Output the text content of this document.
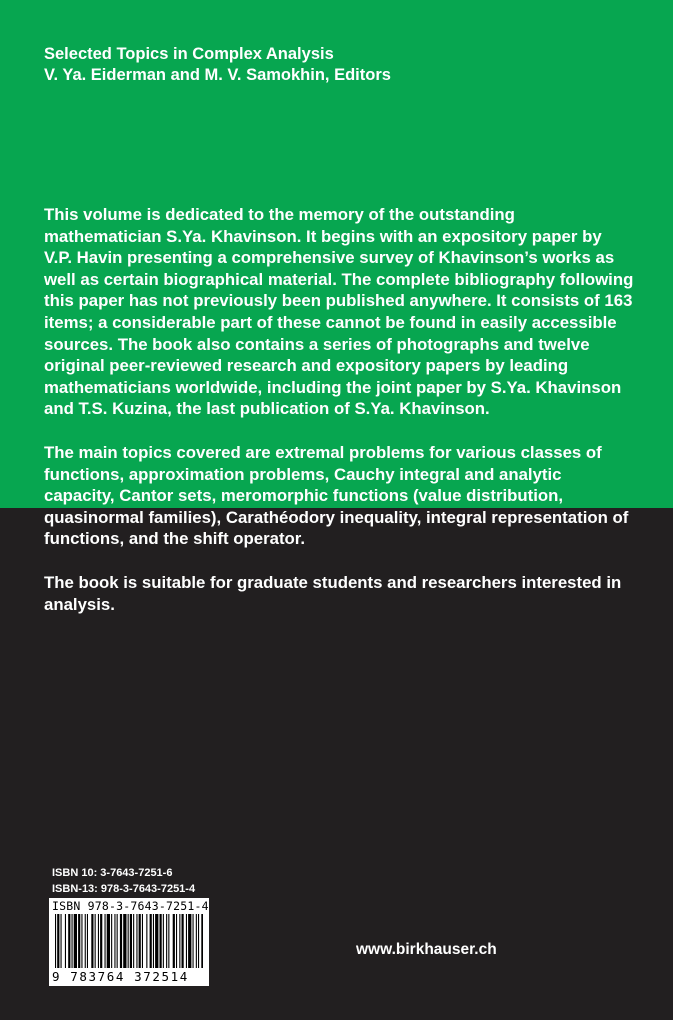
Selected Topics in Complex Analysis
V. Ya. Eiderman and M. V. Samokhin, Editors

This volume is dedicated to the memory of the outstanding mathematician S.Ya. Khavinson. It begins with an expository paper by V.P. Havin presenting a comprehensive survey of Khavinson’s works as well as certain biographical material. The complete bibliography following this paper has not previously been published anywhere. It consists of 163 items; a considerable part of these cannot be found in easily accessible sources. The book also contains a series of photographs and twelve original peer-reviewed research and expository papers by leading mathematicians worldwide, including the joint paper by S.Ya. Khavinson and T.S. Kuzina, the last publication of S.Ya. Khavinson.

The main topics covered are extremal problems for various classes of functions, approximation problems, Cauchy integral and analytic capacity, Cantor sets, meromorphic functions (value distribution, quasinormal families), Carathéodory inequality, integral representation of functions, and the shift operator.

The book is suitable for graduate students and researchers interested in analysis.

ISBN 10: 3-7643-7251-6
ISBN-13: 978-3-7643-7251-4
ISBN 978-3-7643-7251-4
9 783764 372514
www.birkhauser.ch
